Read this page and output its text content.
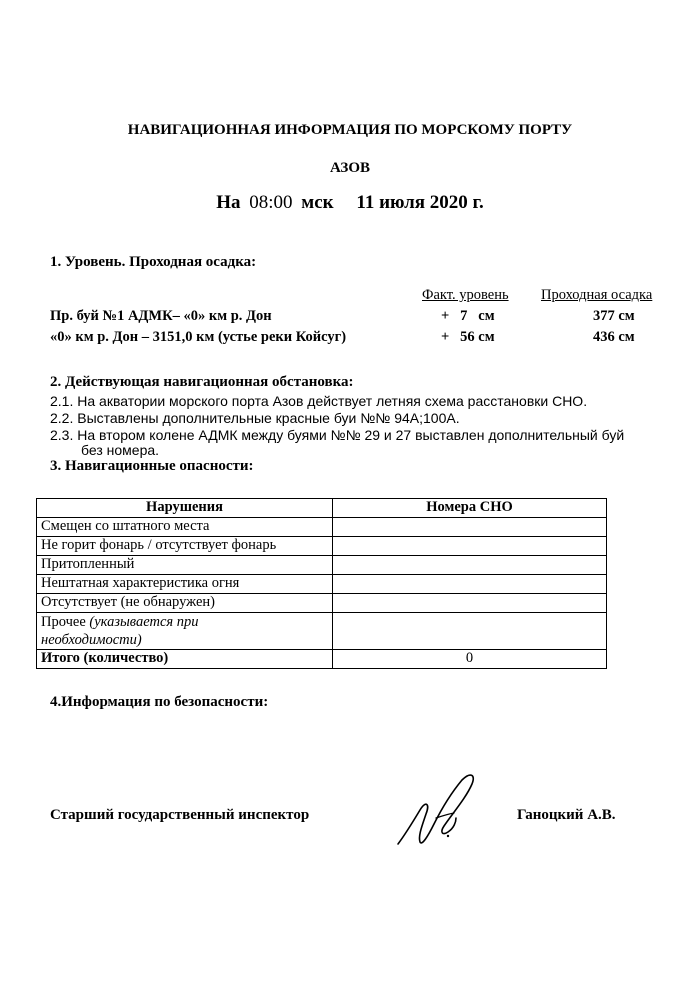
НАВИГАЦИОННАЯ ИНФОРМАЦИЯ ПО МОРСКОМУ ПОРТУ
АЗОВ
На 08:00 мск 11 июля 2020 г.
1. Уровень. Проходная осадка:
Факт. уровень Проходная осадка
Пр. буй №1 АДМК– «0» км р. Дон	+   7   см	377 см
«0» км р. Дон – 3151,0 км (устье реки Койсуг)	+   56 см	436 см
2. Действующая навигационная обстановка:
2.1. На акватории морского порта Азов действует летняя схема расстановки СНО.
2.2. Выставлены дополнительные красные буи №№ 94А;100А.
2.3. На втором колене АДМК между буями №№ 29 и 27 выставлен дополнительный буй
без номера.
3. Навигационные опасности:
Нарушения	Номера СНО
Смещен со штатного места	
Не горит фонарь / отсутствует фонарь	
Притопленный	
Нештатная характеристика огня	
Отсутствует (не обнаружен)	
Прочее (указывается при
необходимости)	
Итого (количество)	0
4.Информация по безопасности:
Старший государственный инспектор	Ганоцкий А.В.
